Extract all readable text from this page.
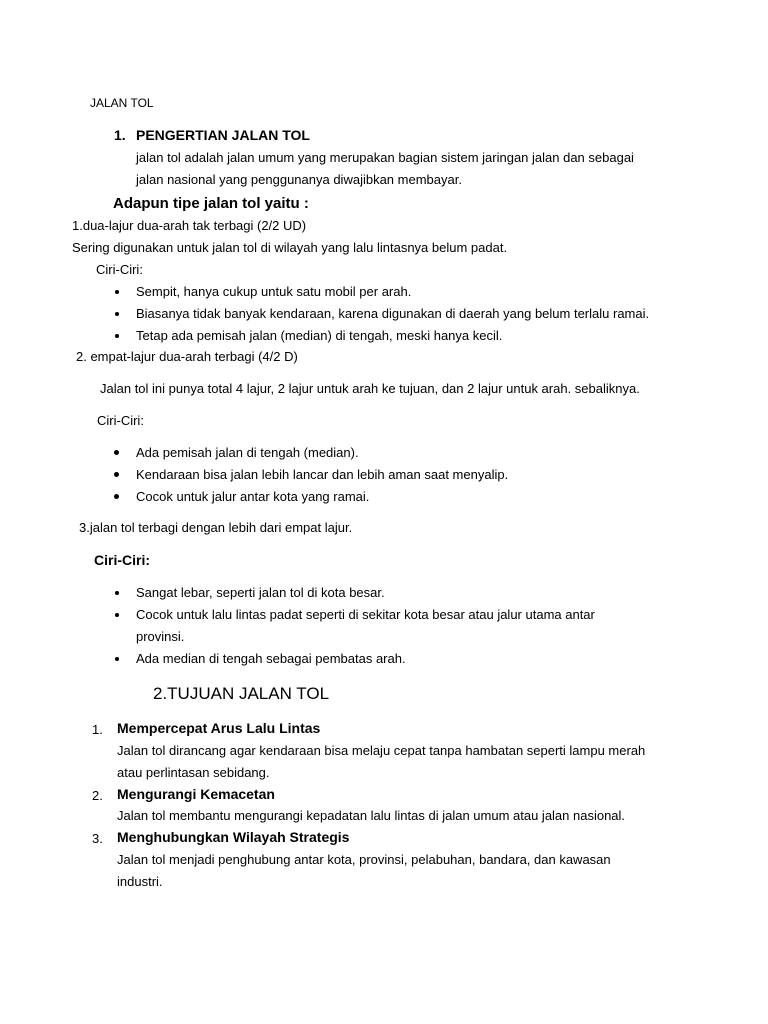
JALAN TOL
1. PENGERTIAN JALAN TOL
jalan tol adalah jalan umum yang merupakan bagian sistem jaringan jalan dan sebagai
jalan nasional yang penggunanya diwajibkan membayar.
Adapun tipe jalan tol yaitu :
1.dua-lajur dua-arah tak terbagi (2/2 UD)
Sering digunakan untuk jalan tol di wilayah yang lalu lintasnya belum padat.
Ciri-Ciri:
Sempit, hanya cukup untuk satu mobil per arah.
Biasanya tidak banyak kendaraan, karena digunakan di daerah yang belum terlalu ramai.
Tetap ada pemisah jalan (median) di tengah, meski hanya kecil.
2. empat-lajur dua-arah terbagi (4/2 D)
Jalan tol ini punya total 4 lajur, 2 lajur untuk arah ke tujuan, dan 2 lajur untuk arah. sebaliknya.
Ciri-Ciri:
Ada pemisah jalan di tengah (median).
Kendaraan bisa jalan lebih lancar dan lebih aman saat menyalip.
Cocok untuk jalur antar kota yang ramai.
3.jalan tol terbagi dengan lebih dari empat lajur.
Ciri-Ciri:
Sangat lebar, seperti jalan tol di kota besar.
Cocok untuk lalu lintas padat seperti di sekitar kota besar atau jalur utama antar
provinsi.
Ada median di tengah sebagai pembatas arah.
2.TUJUAN JALAN TOL
1. Mempercepat Arus Lalu Lintas
Jalan tol dirancang agar kendaraan bisa melaju cepat tanpa hambatan seperti lampu merah
atau perlintasan sebidang.
2. Mengurangi Kemacetan
Jalan tol membantu mengurangi kepadatan lalu lintas di jalan umum atau jalan nasional.
3. Menghubungkan Wilayah Strategis
Jalan tol menjadi penghubung antar kota, provinsi, pelabuhan, bandara, dan kawasan
industri.
